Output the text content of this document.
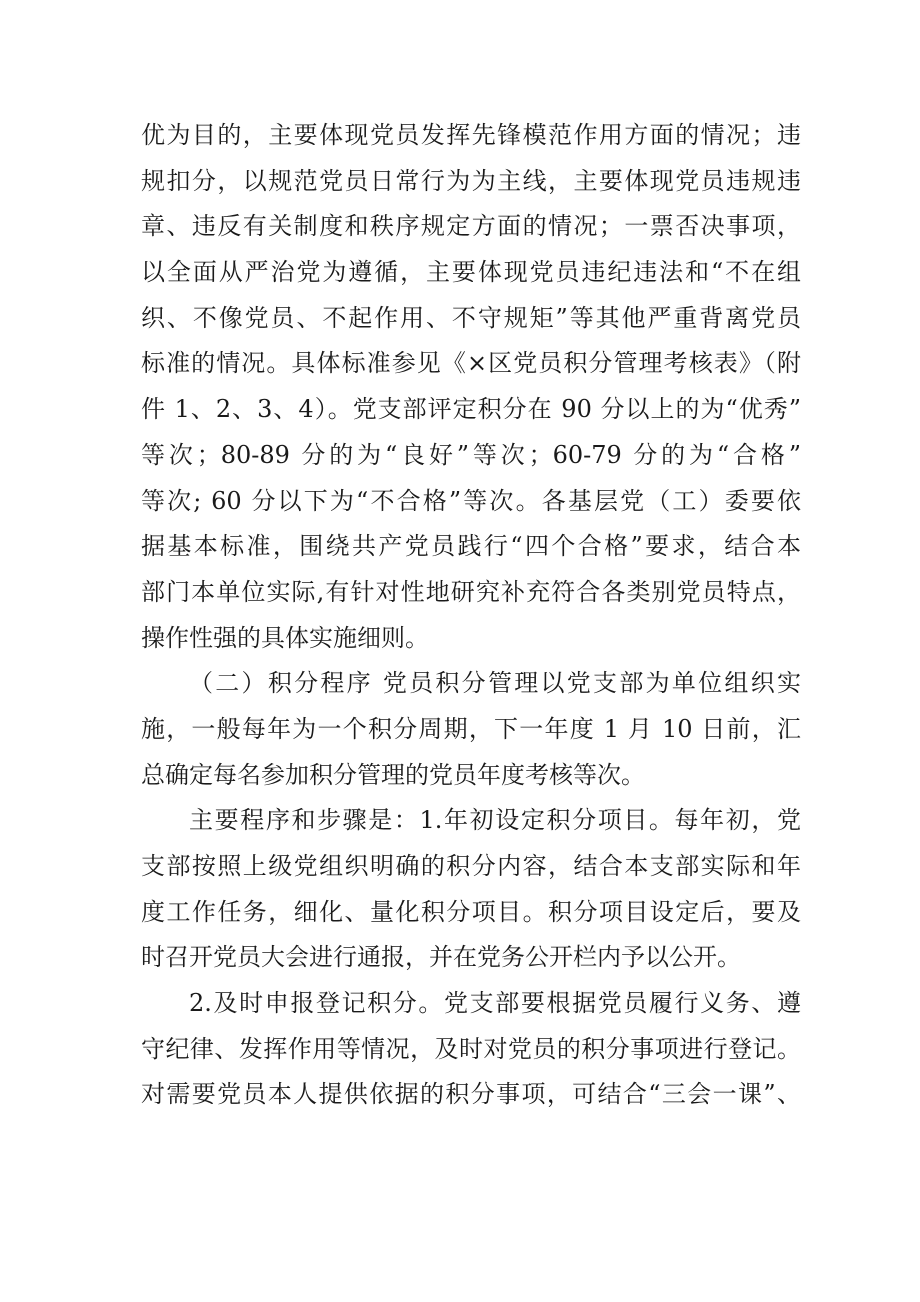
优为目的，主要体现党员发挥先锋模范作用方面的情况；违
规扣分，以规范党员日常行为为主线，主要体现党员违规违
章、违反有关制度和秩序规定方面的情况；一票否决事项，
以全面从严治党为遵循，主要体现党员违纪违法和“不在组
织、不像党员、不起作用、不守规矩”等其他严重背离党员
标准的情况。具体标准参见《×区党员积分管理考核表》（附
件 1、2、3、4）。党支部评定积分在 90 分以上的为“优秀”
等次；80-89 分的为“良好”等次；60-79 分的为“合格”
等次; 60 分以下为“不合格”等次。各基层党（工）委要依
据基本标准，围绕共产党员践行“四个合格”要求，结合本
部门本单位实际,有针对性地研究补充符合各类别党员特点，
操作性强的具体实施细则。
（二）积分程序 党员积分管理以党支部为单位组织实
施，一般每年为一个积分周期，下一年度 1 月 10 日前，汇
总确定每名参加积分管理的党员年度考核等次。
主要程序和步骤是：1.年初设定积分项目。每年初，党
支部按照上级党组织明确的积分内容，结合本支部实际和年
度工作任务，细化、量化积分项目。积分项目设定后，要及
时召开党员大会进行通报，并在党务公开栏内予以公开。
2.及时申报登记积分。党支部要根据党员履行义务、遵
守纪律、发挥作用等情况，及时对党员的积分事项进行登记。
对需要党员本人提供依据的积分事项，可结合“三会一课”、
